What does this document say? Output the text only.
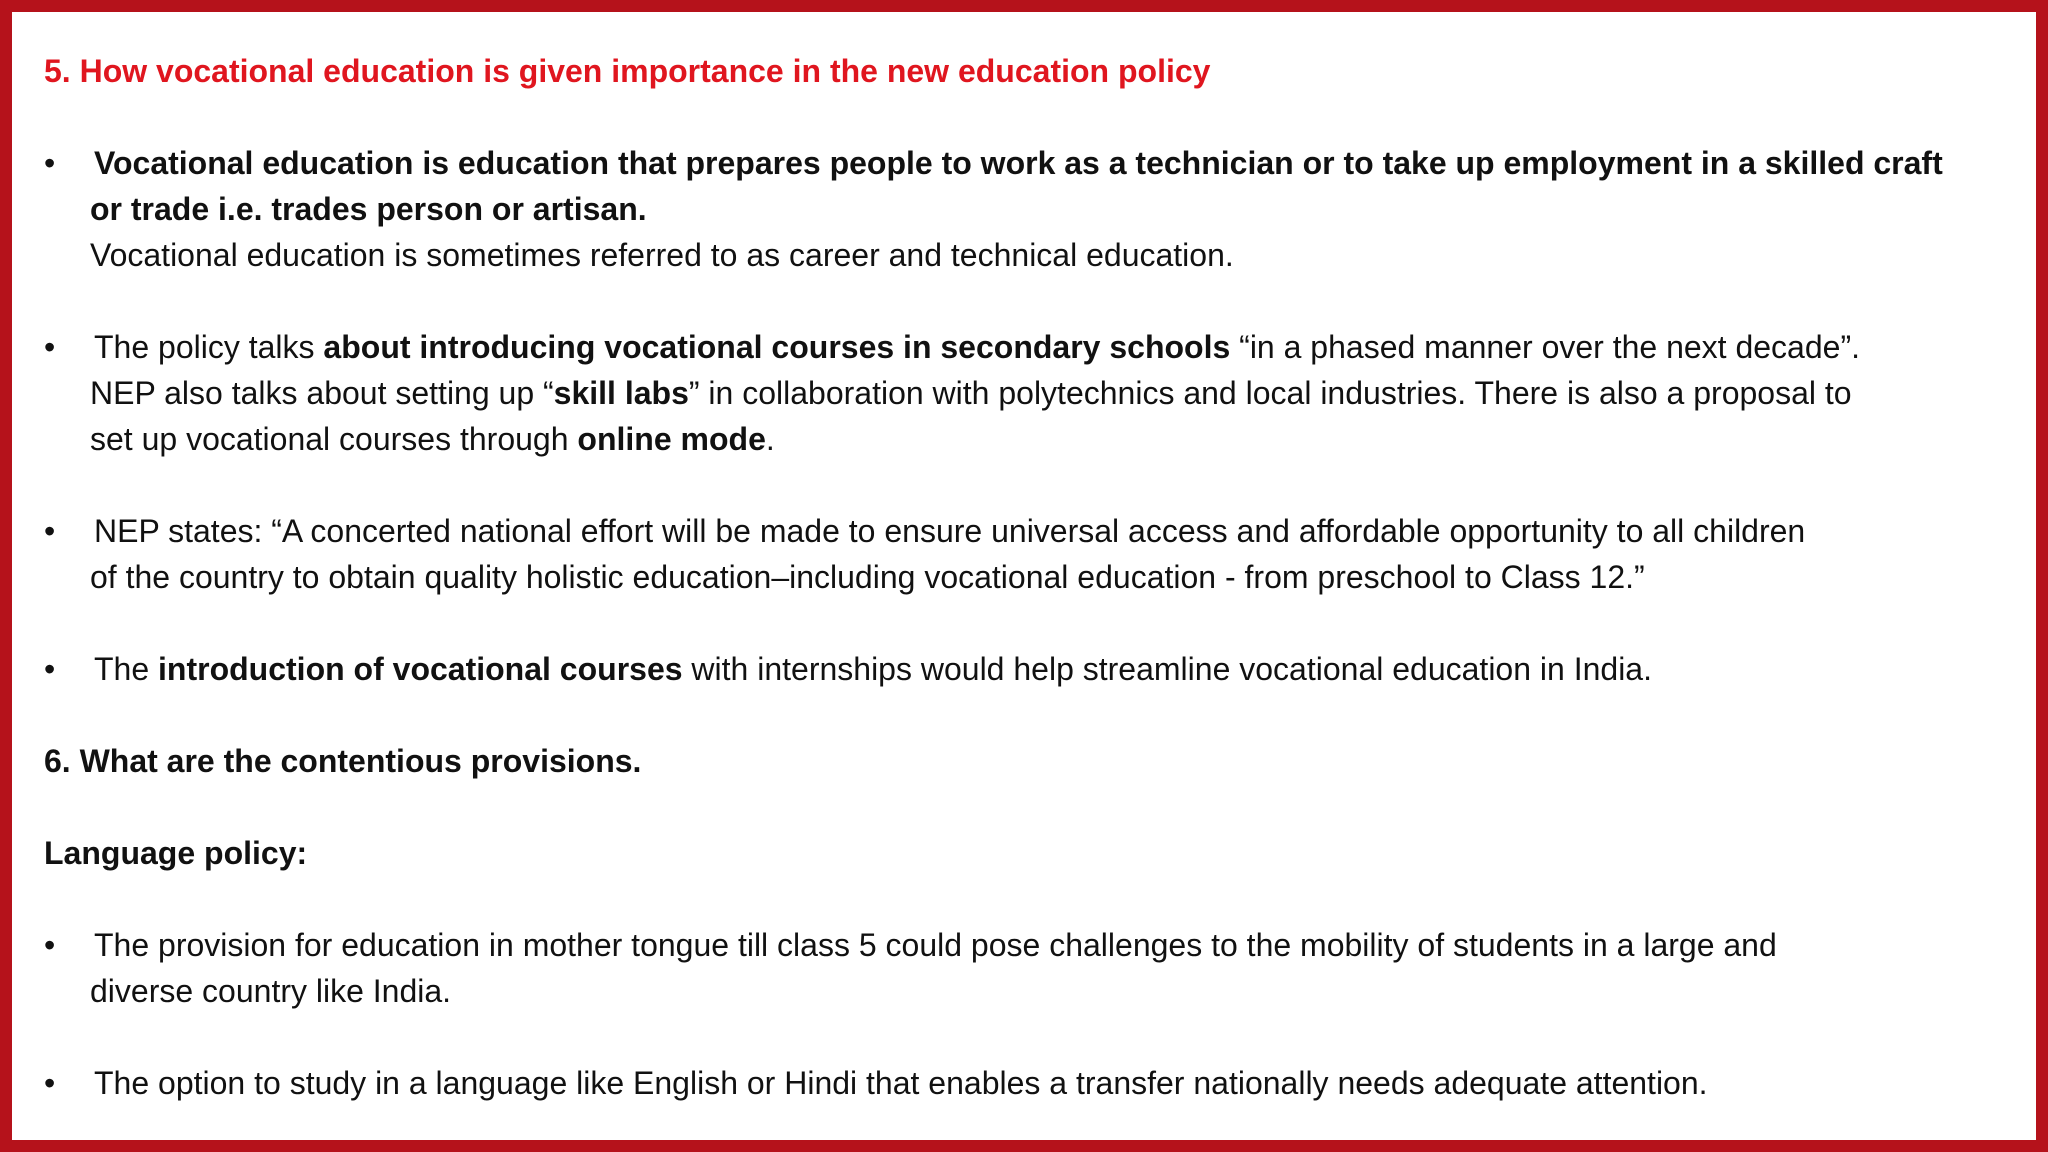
5. How vocational education is given importance in the new education policy

•	Vocational education is education that prepares people to work as a technician or to take up employment in a skilled craft
or trade i.e. trades person or artisan.
Vocational education is sometimes referred to as career and technical education.
•	The policy talks about introducing vocational courses in secondary schools “in a phased manner over the next decade”.
NEP also talks about setting up “skill labs” in collaboration with polytechnics and local industries. There is also a proposal to
set up vocational courses through online mode.
•	NEP states: “A concerted national effort will be made to ensure universal access and affordable opportunity to all children
of the country to obtain quality holistic education–including vocational education - from preschool to Class 12.”
•	The introduction of vocational courses with internships would help streamline vocational education in India.

6. What are the contentious provisions.

Language policy:

•	The provision for education in mother tongue till class 5 could pose challenges to the mobility of students in a large and
diverse country like India.
•	The option to study in a language like English or Hindi that enables a transfer nationally needs adequate attention.
